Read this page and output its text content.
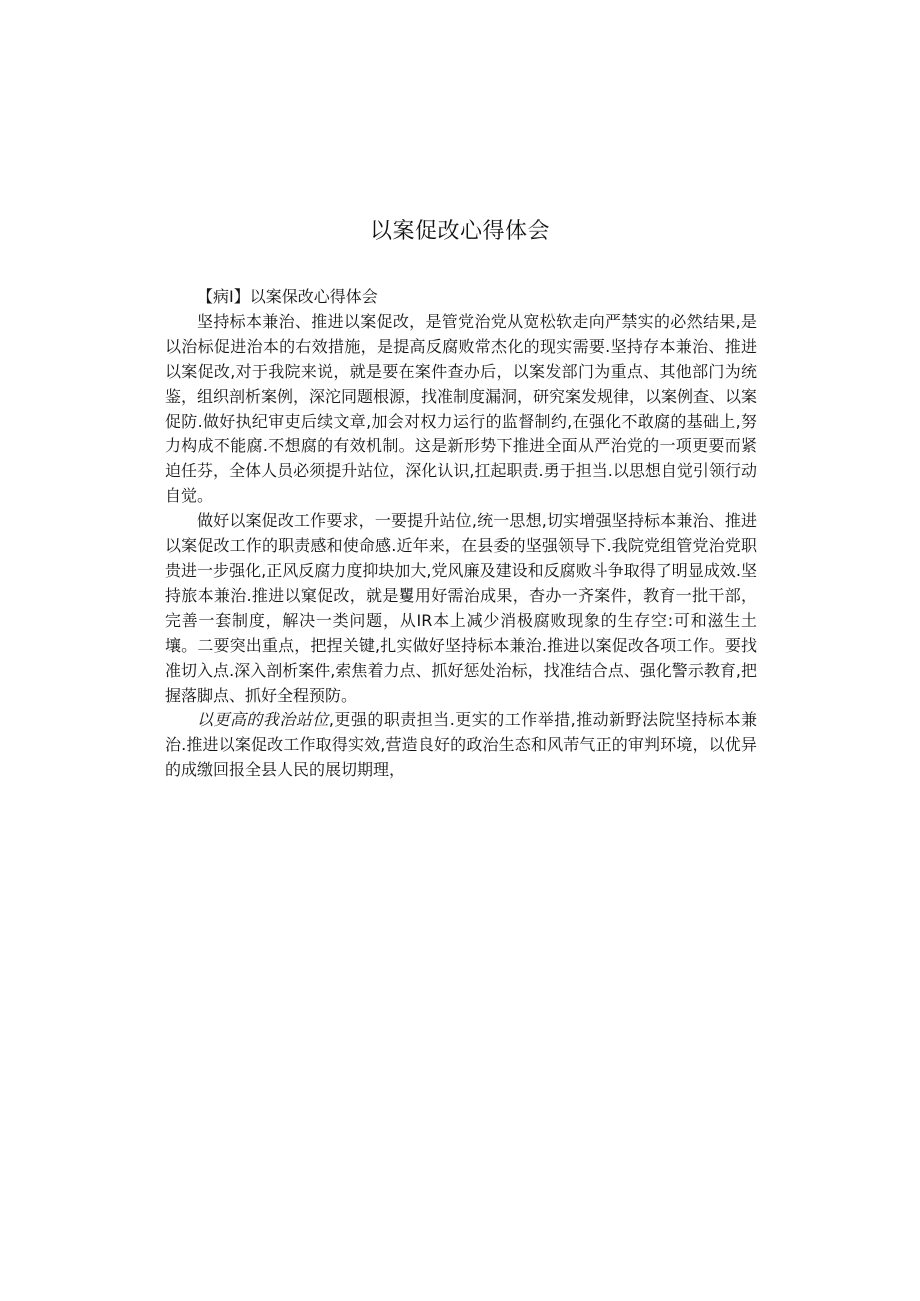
以案促改心得体会

【病I】以案保改心得体会

坚持标本兼治、推进以案促改，是管党治党从宽松软走向严禁实的必然结果,是以治标促进治本的右效措施，是提高反腐败常杰化的现实需要.坚持存本兼治、推进以案促改,对于我院来说，就是要在案件查办后，以案发部门为重点、其他部门为统鉴，组织剖析案例，深沱同题根源，找准制度漏洞，研究案发规律，以案例查、以案促防.做好执纪审吏后续文章,加会对权力运行的监督制约,在强化不敢腐的基础上,努力构成不能腐.不想腐的有效机制。这是新形势下推进全面从严治党的一项更要而紧迫任芬，全体人员必须提升站位，深化认识,扛起职责.勇于担当.以思想自觉引领行动自觉。

做好以案促改工作要求，一要提升站位,统一思想,切实增强坚持标本兼治、推进以案促改工作的职责感和使命感.近年来，在县委的坚强领导下.我院党组管党治党职贵进一步强化,正风反腐力度抑块加大,党风廉及建设和反腐败斗争取得了明显成效.坚持旅本兼治.推进以窠促改，就是矍用好需治成果，杳办一齐案件，教育一批干部，完善一套制度，解决一类问题，从IR本上减少消极腐败现象的生存空:可和滋生土壤。二要突出重点，把捏关键,扎实做好坚持标本兼治.推进以案促改各项工作。要找准切入点.深入剖析案件,索焦着力点、抓好惩处治标，找准结合点、强化警示教育,把握落脚点、抓好全程预防。

以更高的我治站位,更强的职责担当.更实的工作举措,推动新野法院坚持标本兼治.推进以案促改工作取得实效,营造良好的政治生态和风芾气正的审判环境，以优异的成缴回报全县人民的展切期理，
